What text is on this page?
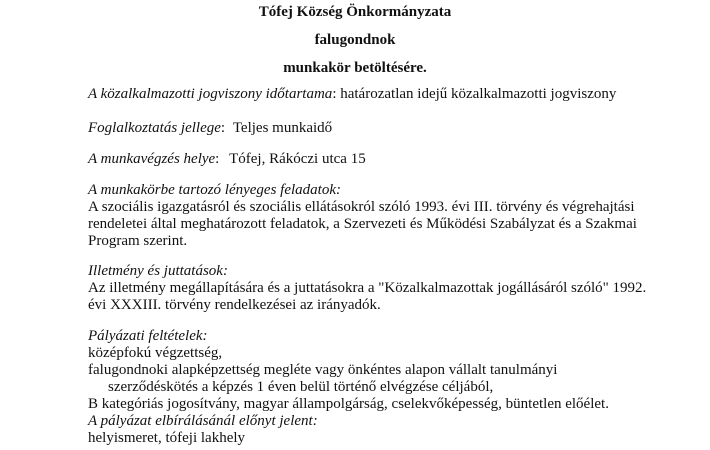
Tófej Község Önkormányzata
falugondnok
munkakör betöltésére.
A közalkalmazotti jogviszony időtartama: határozatlan idejű közalkalmazotti jogviszony
Foglalkoztatás jellege: Teljes munkaidő
A munkavégzés helye: Tófej, Rákóczi utca 15
A munkakörbe tartozó lényeges feladatok:
A szociális igazgatásról és szociális ellátásokról szóló 1993. évi III. törvény és végrehajtási
rendeletei által meghatározott feladatok, a Szervezeti és Működési Szabályzat és a Szakmai
Program szerint.
Illetmény és juttatások:
Az illetmény megállapítására és a juttatásokra a "Közalkalmazottak jogállásáról szóló" 1992.
évi XXXIII. törvény rendelkezései az irányadók.
Pályázati feltételek:
középfokú végzettség,
falugondnoki alapképzettség megléte vagy önkéntes alapon vállalt tanulmányi
szerződéskötés a képzés 1 éven belül történő elvégzése céljából,
B kategóriás jogosítvány, magyar állampolgárság, cselekvőképesség, büntetlen előélet.
A pályázat elbírálásánál előnyt jelent:
helyismeret, tófeji lakhely
